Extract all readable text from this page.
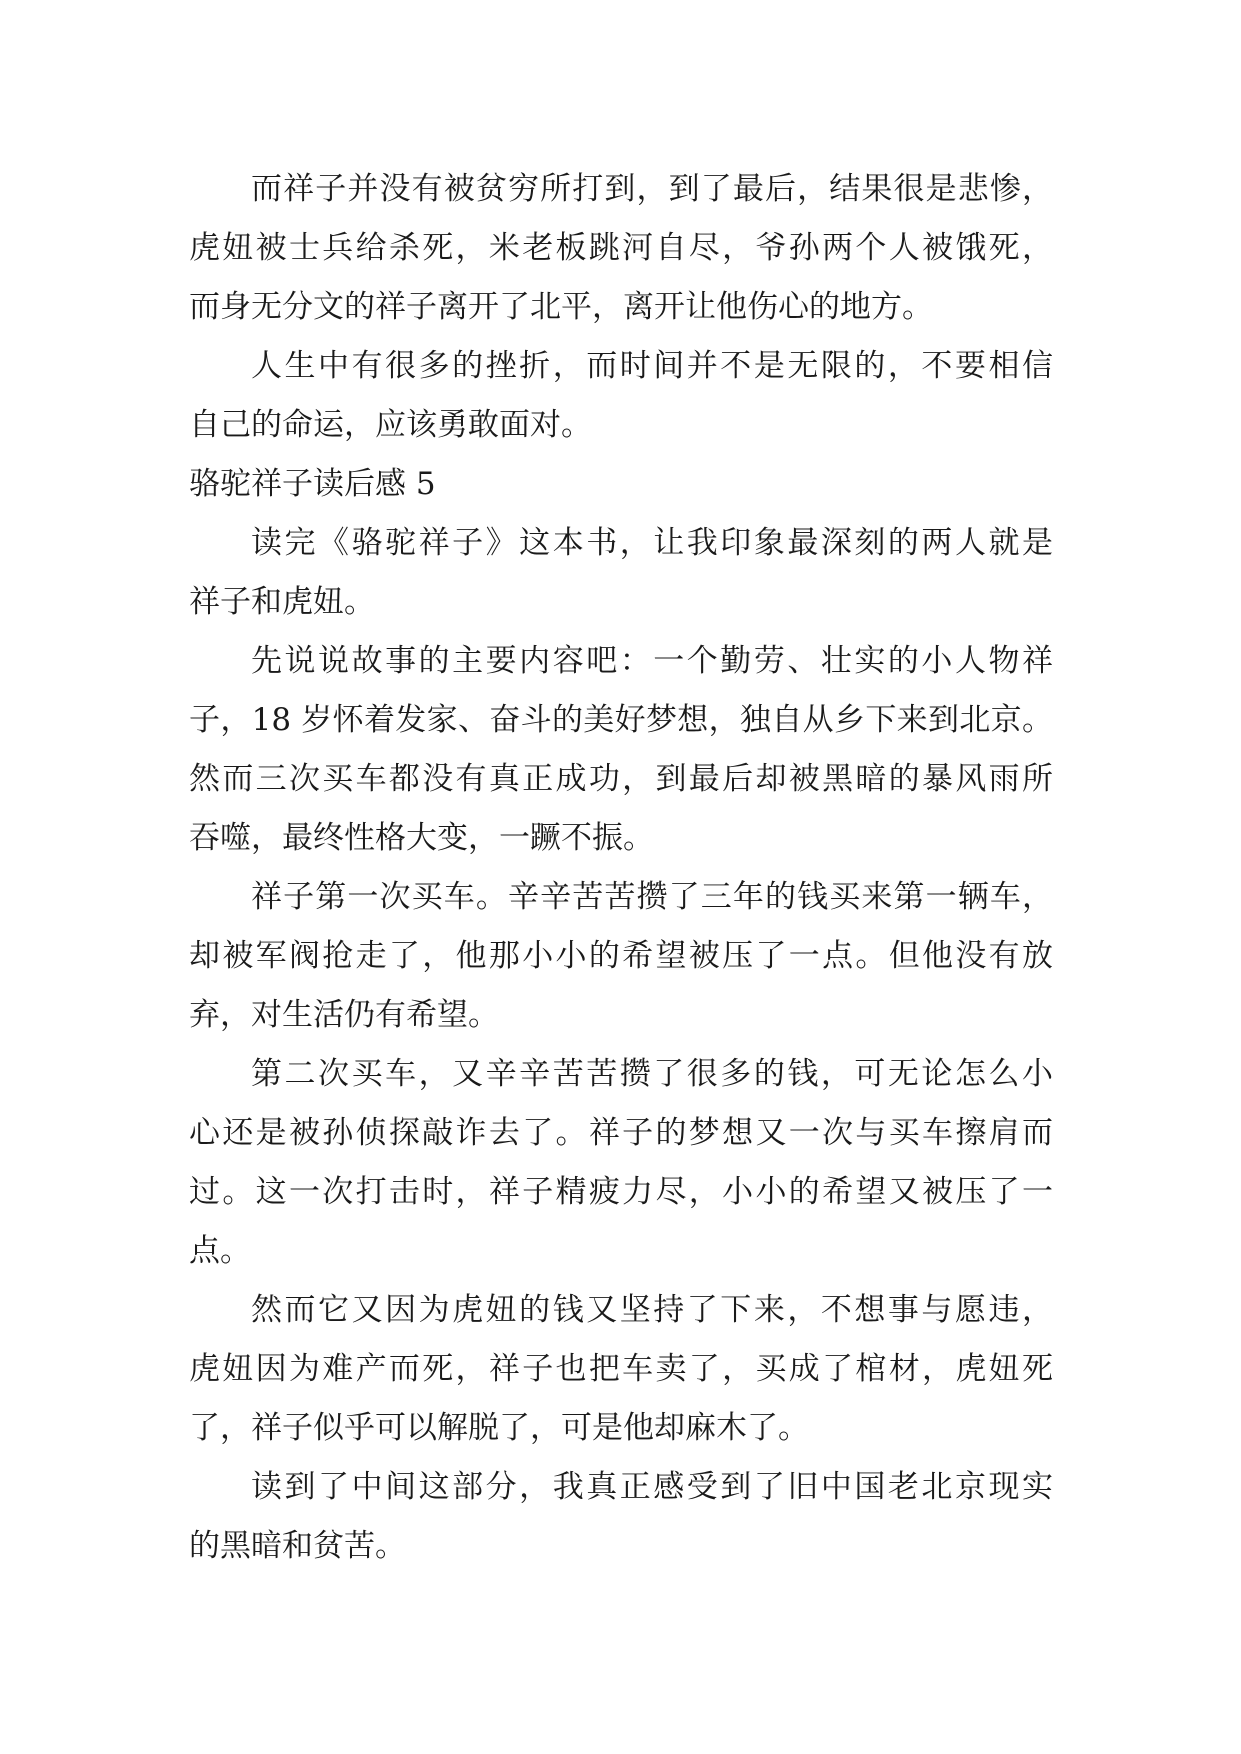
而祥子并没有被贫穷所打到，到了最后，结果很是悲惨，
虎妞被士兵给杀死，米老板跳河自尽，爷孙两个人被饿死，
而身无分文的祥子离开了北平，离开让他伤心的地方。
人生中有很多的挫折，而时间并不是无限的，不要相信
自己的命运，应该勇敢面对。
骆驼祥子读后感 5
读完《骆驼祥子》这本书，让我印象最深刻的两人就是
祥子和虎妞。
先说说故事的主要内容吧：一个勤劳、壮实的小人物祥
子，18 岁怀着发家、奋斗的美好梦想，独自从乡下来到北京。
然而三次买车都没有真正成功，到最后却被黑暗的暴风雨所
吞噬，最终性格大变，一蹶不振。
祥子第一次买车。辛辛苦苦攒了三年的钱买来第一辆车，
却被军阀抢走了，他那小小的希望被压了一点。但他没有放
弃，对生活仍有希望。
第二次买车，又辛辛苦苦攒了很多的钱，可无论怎么小
心还是被孙侦探敲诈去了。祥子的梦想又一次与买车擦肩而
过。这一次打击时，祥子精疲力尽，小小的希望又被压了一
点。
然而它又因为虎妞的钱又坚持了下来，不想事与愿违，
虎妞因为难产而死，祥子也把车卖了，买成了棺材，虎妞死
了，祥子似乎可以解脱了，可是他却麻木了。
读到了中间这部分，我真正感受到了旧中国老北京现实
的黑暗和贫苦。
